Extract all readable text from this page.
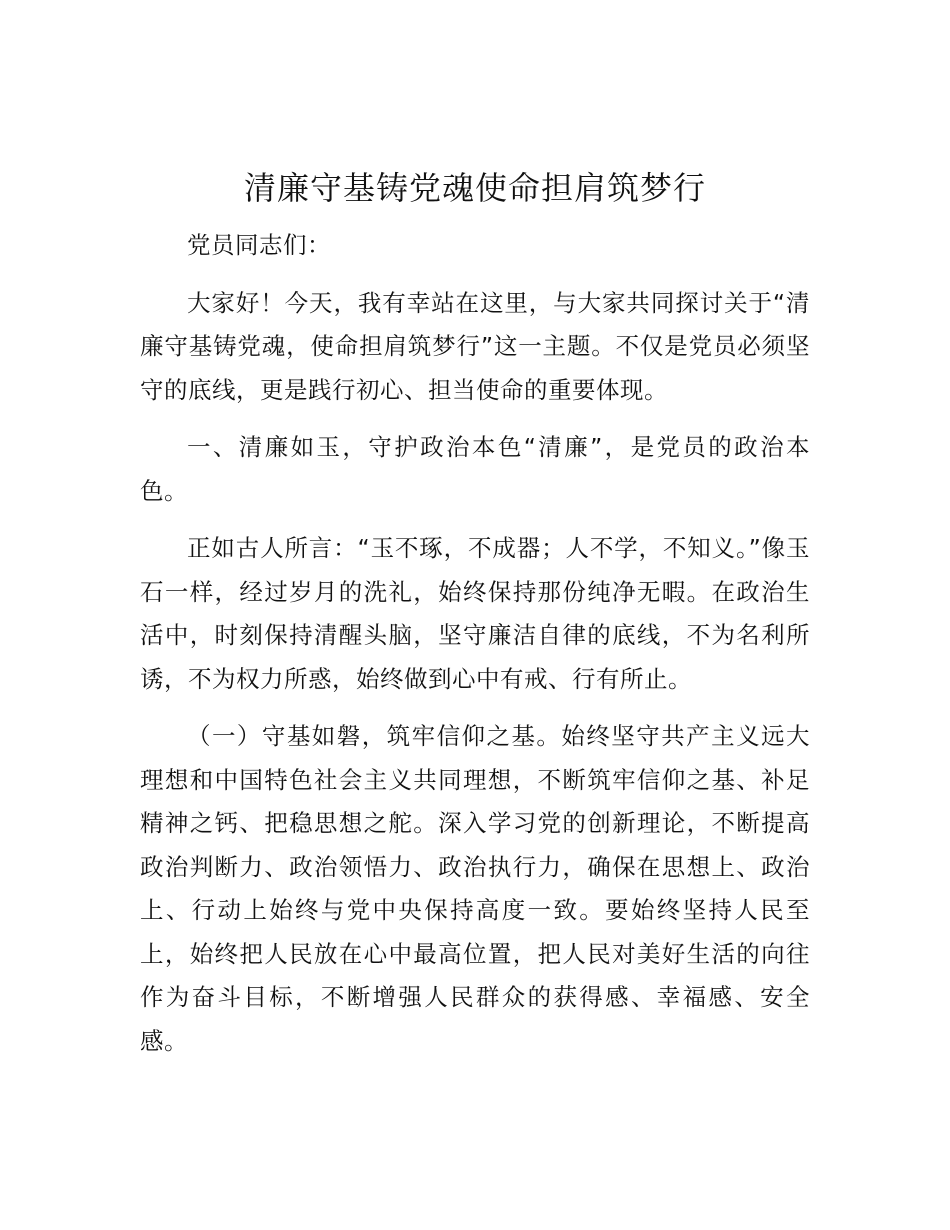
清廉守基铸党魂使命担肩筑梦行

党员同志们：

大家好！今天，我有幸站在这里，与大家共同探讨关于“清廉守基铸党魂，使命担肩筑梦行”这一主题。不仅是党员必须坚守的底线，更是践行初心、担当使命的重要体现。

一、清廉如玉，守护政治本色“清廉”，是党员的政治本色。

正如古人所言：“玉不琢，不成器；人不学，不知义。”像玉石一样，经过岁月的洗礼，始终保持那份纯净无暇。在政治生活中，时刻保持清醒头脑，坚守廉洁自律的底线，不为名利所诱，不为权力所惑，始终做到心中有戒、行有所止。

（一）守基如磐，筑牢信仰之基。始终坚守共产主义远大理想和中国特色社会主义共同理想，不断筑牢信仰之基、补足精神之钙、把稳思想之舵。深入学习党的创新理论，不断提高政治判断力、政治领悟力、政治执行力，确保在思想上、政治上、行动上始终与党中央保持高度一致。要始终坚持人民至上，始终把人民放在心中最高位置，把人民对美好生活的向往作为奋斗目标，不断增强人民群众的获得感、幸福感、安全感。
